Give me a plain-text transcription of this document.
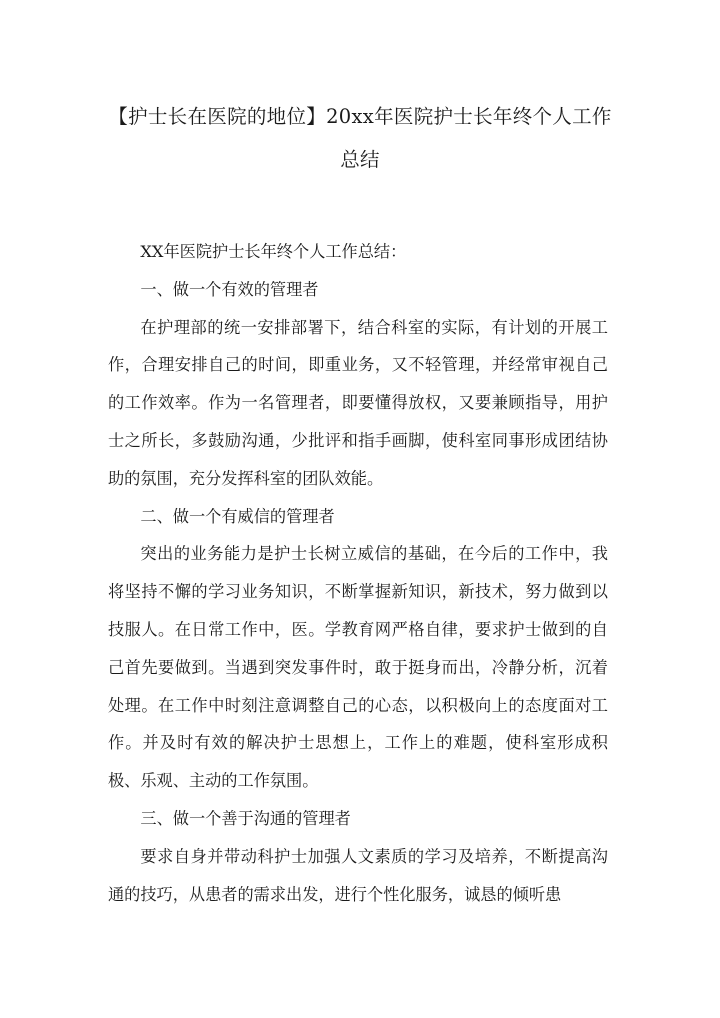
【护士长在医院的地位】20xx年医院护士长年终个人工作总结

XX年医院护士长年终个人工作总结：

一、做一个有效的管理者

在护理部的统一安排部署下，结合科室的实际，有计划的开展工作，合理安排自己的时间，即重业务，又不轻管理，并经常审视自己的工作效率。作为一名管理者，即要懂得放权，又要兼顾指导，用护士之所长，多鼓励沟通，少批评和指手画脚，使科室同事形成团结协助的氛围，充分发挥科室的团队效能。

二、做一个有威信的管理者

突出的业务能力是护士长树立威信的基础，在今后的工作中，我将坚持不懈的学习业务知识，不断掌握新知识，新技术，努力做到以技服人。在日常工作中，医。学教育网严格自律，要求护士做到的自己首先要做到。当遇到突发事件时，敢于挺身而出，冷静分析，沉着处理。在工作中时刻注意调整自己的心态，以积极向上的态度面对工作。并及时有效的解决护士思想上，工作上的难题，使科室形成积极、乐观、主动的工作氛围。

三、做一个善于沟通的管理者

要求自身并带动科护士加强人文素质的学习及培养，不断提高沟通的技巧，从患者的需求出发，进行个性化服务，诚恳的倾听患
